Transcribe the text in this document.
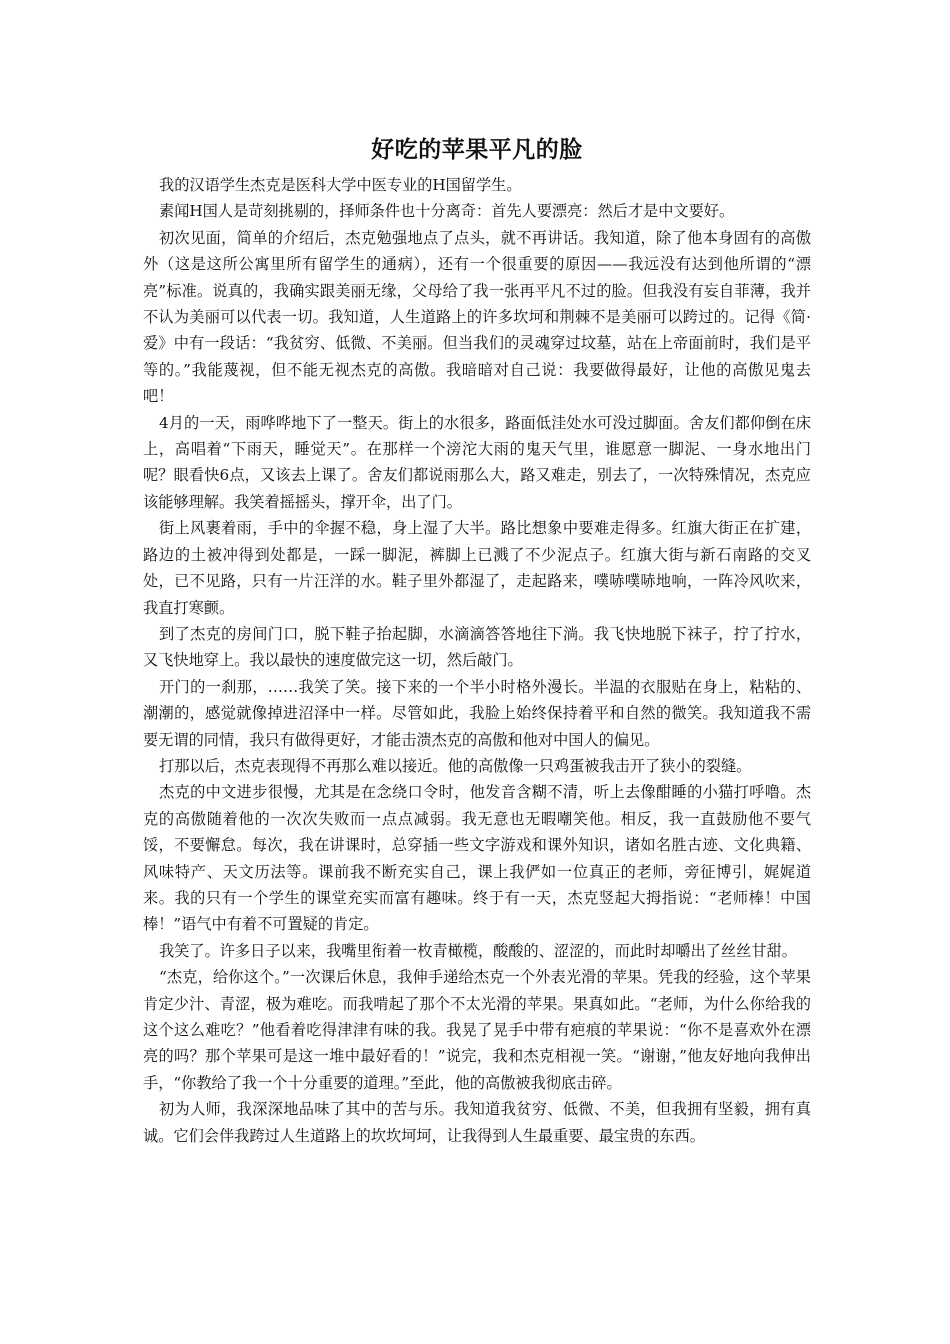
好吃的苹果平凡的脸

我的汉语学生杰克是医科大学中医专业的H国留学生。

素闻H国人是苛刻挑剔的，择师条件也十分离奇：首先人要漂亮：然后才是中文要好。

初次见面，简单的介绍后，杰克勉强地点了点头，就不再讲话。我知道，除了他本身固有的高傲外（这是这所公寓里所有留学生的通病），还有一个很重要的原因——我远没有达到他所谓的“漂亮”标准。说真的，我确实跟美丽无缘，父母给了我一张再平凡不过的脸。但我没有妄自菲薄，我并不认为美丽可以代表一切。我知道，人生道路上的许多坎坷和荆棘不是美丽可以跨过的。记得《简·爱》中有一段话：“我贫穷、低微、不美丽。但当我们的灵魂穿过坟墓，站在上帝面前时，我们是平等的。”我能蔑视，但不能无视杰克的高傲。我暗暗对自己说：我要做得最好，让他的高傲见鬼去吧！

4月的一天，雨哗哗地下了一整天。街上的水很多，路面低洼处水可没过脚面。舍友们都仰倒在床上，高唱着“下雨天，睡觉天”。在那样一个滂沱大雨的鬼天气里，谁愿意一脚泥、一身水地出门呢？眼看快6点，又该去上课了。舍友们都说雨那么大，路又难走，别去了，一次特殊情况，杰克应该能够理解。我笑着摇摇头，撑开伞，出了门。

街上风裹着雨，手中的伞握不稳，身上湿了大半。路比想象中要难走得多。红旗大街正在扩建，路边的土被冲得到处都是，一踩一脚泥，裤脚上已溅了不少泥点子。红旗大街与新石南路的交叉处，已不见路，只有一片汪洋的水。鞋子里外都湿了，走起路来，噗哧噗哧地响，一阵冷风吹来，我直打寒颤。

到了杰克的房间门口，脱下鞋子抬起脚，水滴滴答答地往下淌。我飞快地脱下袜子，拧了拧水，又飞快地穿上。我以最快的速度做完这一切，然后敲门。

开门的一刹那，……我笑了笑。接下来的一个半小时格外漫长。半温的衣服贴在身上，粘粘的、潮潮的，感觉就像掉进沼泽中一样。尽管如此，我脸上始终保持着平和自然的微笑。我知道我不需要无谓的同情，我只有做得更好，才能击溃杰克的高傲和他对中国人的偏见。

打那以后，杰克表现得不再那么难以接近。他的高傲像一只鸡蛋被我击开了狭小的裂缝。

杰克的中文进步很慢，尤其是在念绕口令时，他发音含糊不清，听上去像酣睡的小猫打呼噜。杰克的高傲随着他的一次次失败而一点点减弱。我无意也无暇嘲笑他。相反，我一直鼓励他不要气馁，不要懈怠。每次，我在讲课时，总穿插一些文字游戏和课外知识，诸如名胜古迹、文化典籍、风味特产、天文历法等。课前我不断充实自己，课上我俨如一位真正的老师，旁征博引，娓娓道来。我的只有一个学生的课堂充实而富有趣味。终于有一天，杰克竖起大拇指说：“老师棒！中国棒！”语气中有着不可置疑的肯定。

我笑了。许多日子以来，我嘴里衔着一枚青橄榄，酸酸的、涩涩的，而此时却嚼出了丝丝甘甜。

“杰克，给你这个。”一次课后休息，我伸手递给杰克一个外表光滑的苹果。凭我的经验，这个苹果肯定少汁、青涩，极为难吃。而我啃起了那个不太光滑的苹果。果真如此。“老师，为什么你给我的这个这么难吃？”他看着吃得津津有味的我。我晃了晃手中带有疤痕的苹果说：“你不是喜欢外在漂亮的吗？那个苹果可是这一堆中最好看的！”说完，我和杰克相视一笑。“谢谢，”他友好地向我伸出手，“你教给了我一个十分重要的道理。”至此，他的高傲被我彻底击碎。

初为人师，我深深地品味了其中的苦与乐。我知道我贫穷、低微、不美，但我拥有坚毅，拥有真诚。它们会伴我跨过人生道路上的坎坎坷坷，让我得到人生最重要、最宝贵的东西。
